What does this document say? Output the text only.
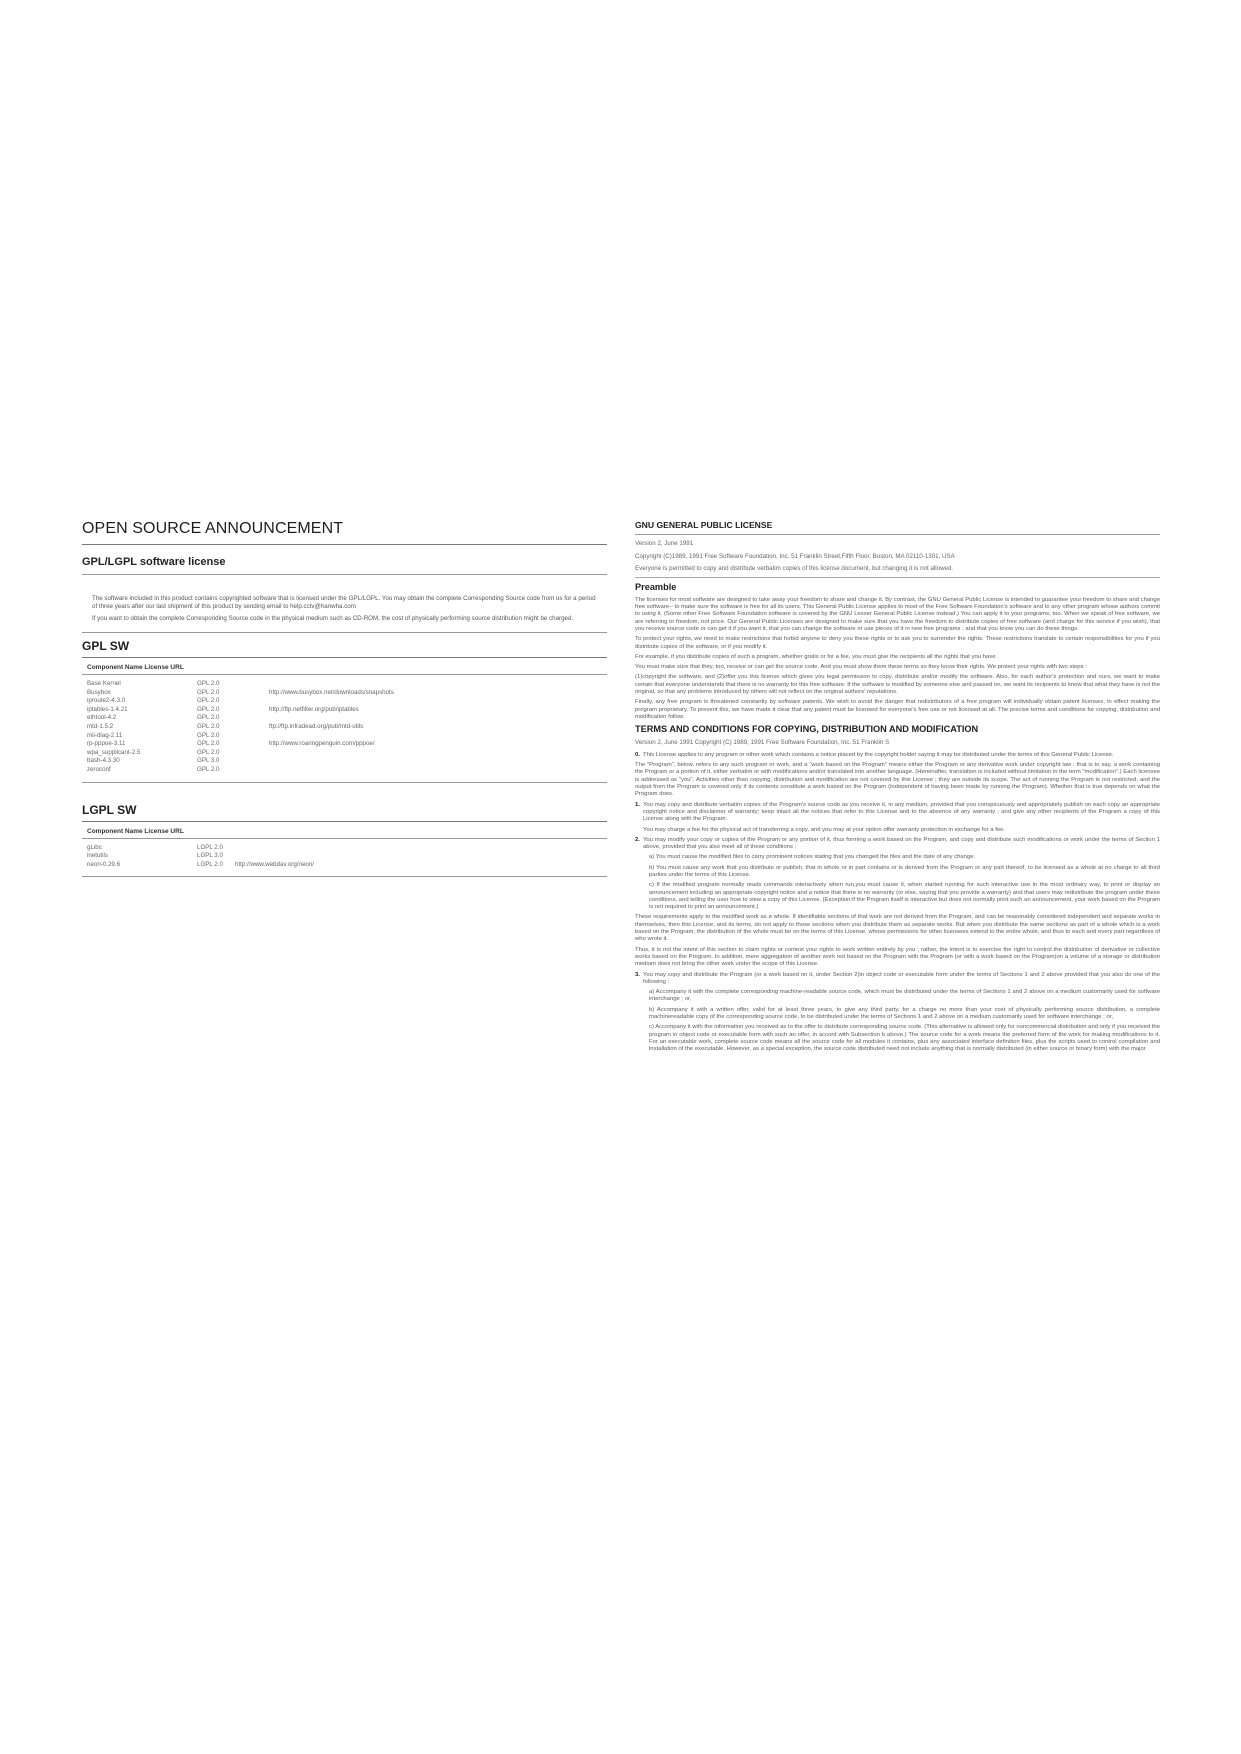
OPEN SOURCE ANNOUNCEMENT
GPL/LGPL software license

The software included in this product contains copyrighted software that is licensed under the GPL/LGPL. You may obtain the complete Corresponding Source code from us for a period of three years after our last shipment of this product by sending email to help.cctv@hanwha.com

If you want to obtain the complete Corresponding Source code in the physical medium such as CD-ROM, the cost of physically performing source distribution might be charged.

GPL SW
Component Name License URL
Base Kernel	GPL 2.0
Busybox	GPL 2.0	http://www.busybox.net/downloads/snapshots
iproute2-4.3.0	GPL 2.0
iptables-1.4.21	GPL 2.0	http://ftp.netfilter.org/pub/iptables
ethtool-4.2	GPL 2.0
mtd-1.5.2	GPL 2.0	ftp://ftp.infradead.org/pub/mtd-utils
mii-diag-2.11	GPL 2.0
rp-pppoe-3.11	GPL 2.0	http://www.roaringpenguin.com/pppoe/
wpa_supplicant-2.5	GPL 2.0
bash-4.3.30	GPL 3.0
zeroconf	GPL 2.0
LGPL SW
Component Name License URL
gLibc	LGPL 2.0
inetutils	LGPL 3.0
neon-0.29.6	LGPL 2.0 http://www.webdav.org/neon/
GNU GENERAL PUBLIC LICENSE
Version 2, June 1991
Copyright (C)1989, 1991 Free Software Foundation, Inc. 51 Franklin Street,Fifth Floor, Boston, MA 02110-1301, USA
Everyone is permitted to copy and distribute verbatim copies of this license document, but changing it is not allowed.
Preamble

The licenses for most software are designed to take away your freedom to share and change it. By contrast, the GNU General Public License is intended to guarantee your freedom to share and change free software-- to make sure the software is free for all its users. This General Public License applies to most of the Free Software Foundation's software and to any other program whose authors commit to using it. (Some other Free Software Foundation software is covered by the GNU Lesser General Public License instead.) You can apply it to your programs, too. When we speak of free software, we are referring to freedom, not price. Our General Public Licenses are designed to make sure that you have the freedom to distribute copies of free software (and charge for this service if you wish), that you receive source code or can get it if you want it, that you can change the software or use pieces of it in new free programs ; and that you know you can do these things.

To protect your rights, we need to make restrictions that forbid anyone to deny you these rights or to ask you to surrender the rights. These restrictions translate to certain responsibilities for you if you distribute copies of the software, or if you modify it.

For example, if you distribute copies of such a program, whether gratis or for a fee, you must give the recipients all the rights that you have.

You must make sure that they, too, receive or can get the source code. And you must show them these terms so they know their rights. We protect your rights with two steps :

(1)copyright the software, and (2)offer you this license which gives you legal permission to copy, distribute and/or modify the software. Also, for each author's protection and ours, we want to make certain that everyone understands that there is no warranty for this free software. If the software is modified by someone else and passed on, we want its recipients to know that what they have is not the original, so that any problems introduced by others will not reflect on the original authors' reputations.

Finally, any free program is threatened constantly by software patents. We wish to avoid the danger that redistributors of a free program will individually obtain patent licenses, in effect making the program proprietary. To prevent this, we have made it clear that any patent must be licensed for everyone's free use or not licensed at all. The precise terms and conditions for copying, distribution and modification follow.

TERMS AND CONDITIONS FOR COPYING, DISTRIBUTION AND MODIFICATION
Version 2, June 1991 Copyright (C) 1989, 1991 Free Software Foundation, Inc. 51 Franklin S

0. This License applies to any program or other work which contains a notice placed by the copyright holder saying it may be distributed under the terms of this General Public License.

The "Program", below, refers to any such program or work, and a "work based on the Program" means either the Program or any derivative work under copyright law : that is to say, a work containing the Program or a portion of it, either verbatim or with modifications and/or translated into another language. (Hereinafter, translation is included without limitation in the term "modification".) Each licensee is addressed as "you". Activities other than copying, distribution and modification are not covered by this License ; they are outside its scope. The act of running the Program is not restricted, and the output from the Program is covered only if its contents constitute a work based on the Program (independent of having been made by running the Program). Whether that is true depends on what the Program does.

1. You may copy and distribute verbatim copies of the Program's source code as you receive it, in any medium, provided that you conspicuously and appropriately publish on each copy an appropriate copyright notice and disclaimer of warranty; keep intact all the notices that refer to this License and to the absence of any warranty ; and give any other recipients of the Program a copy of this License along with the Program.

You may charge a fee for the physical act of transferring a copy, and you may at your option offer warranty protection in exchange for a fee.

2. You may modify your copy or copies of the Program or any portion of it, thus forming a work based on the Program, and copy and distribute such modifications or work under the terms of Section 1 above, provided that you also meet all of these conditions :

a) You must cause the modified files to carry prominent notices stating that you changed the files and the date of any change.

b) You must cause any work that you distribute or publish, that in whole or in part contains or is derived from the Program or any part thereof, to be licensed as a whole at no charge to all third parties under the terms of this License.

c) If the modified program normally reads commands interactively when run,you must cause it, when started running for such interactive use in the most ordinary way, to print or display an announcement including an appropriate copyright notice and a notice that there is no warranty (or else, saying that you provide a warranty) and that users may redistribute the program under these conditions, and telling the user how to view a copy of this License. (Exception:if the Program itself is interactive but does not normally print such an announcement, your work based on the Program is not required to print an announcement.)

These requirements apply to the modified work as a whole. If identifiable sections of that work are not derived from the Program, and can be reasonably considered independent and separate works in themselves, then this License, and its terms, do not apply to those sections when you distribute them as separate works. But when you distribute the same sections as part of a whole which is a work based on the Program, the distribution of the whole must be on the terms of this License, whose permissions for other licensees extend to the entire whole, and thus to each and every part regardless of who wrote it.

Thus, it is not the intent of this section to claim rights or contest your rights to work written entirely by you ; rather, the intent is to exercise the right to control the distribution of derivative or collective works based on the Program. In addition, mere aggregation of another work not based on the Program with the Program (or with a work based on the Program)on a volume of a storage or distribution medium does not bring the other work under the scope of this License.

3. You may copy and distribute the Program (or a work based on it, under Section 2)in object code or executable form under the terms of Sections 1 and 2 above provided that you also do one of the following :

a) Accompany it with the complete corresponding machine-readable source code, which must be distributed under the terms of Sections 1 and 2 above on a medium customarily used for software interchange ; or,

b) Accompany it with a written offer, valid for at least three years, to give any third party, for a charge no more than your cost of physically performing source distribution, a complete machinereadable copy of the corresponding source code, to be distributed under the terms of Sections 1 and 2 above on a medium customarily used for software interchange ; or,

c) Accompany it with the information you received as to the offer to distribute corresponding source code. (This alternative is allowed only for noncommercial distribution and only if you received the program in object code or executable form with such an offer, in accord with Subsection b above.) The source code for a work means the preferred form of the work for making modifications to it. For an executable work, complete source code means all the source code for all modules it contains, plus any associated interface definition files, plus the scripts used to control compilation and installation of the executable. However, as a special exception, the source code distributed need not include anything that is normally distributed (in either source or binary form) with the major
